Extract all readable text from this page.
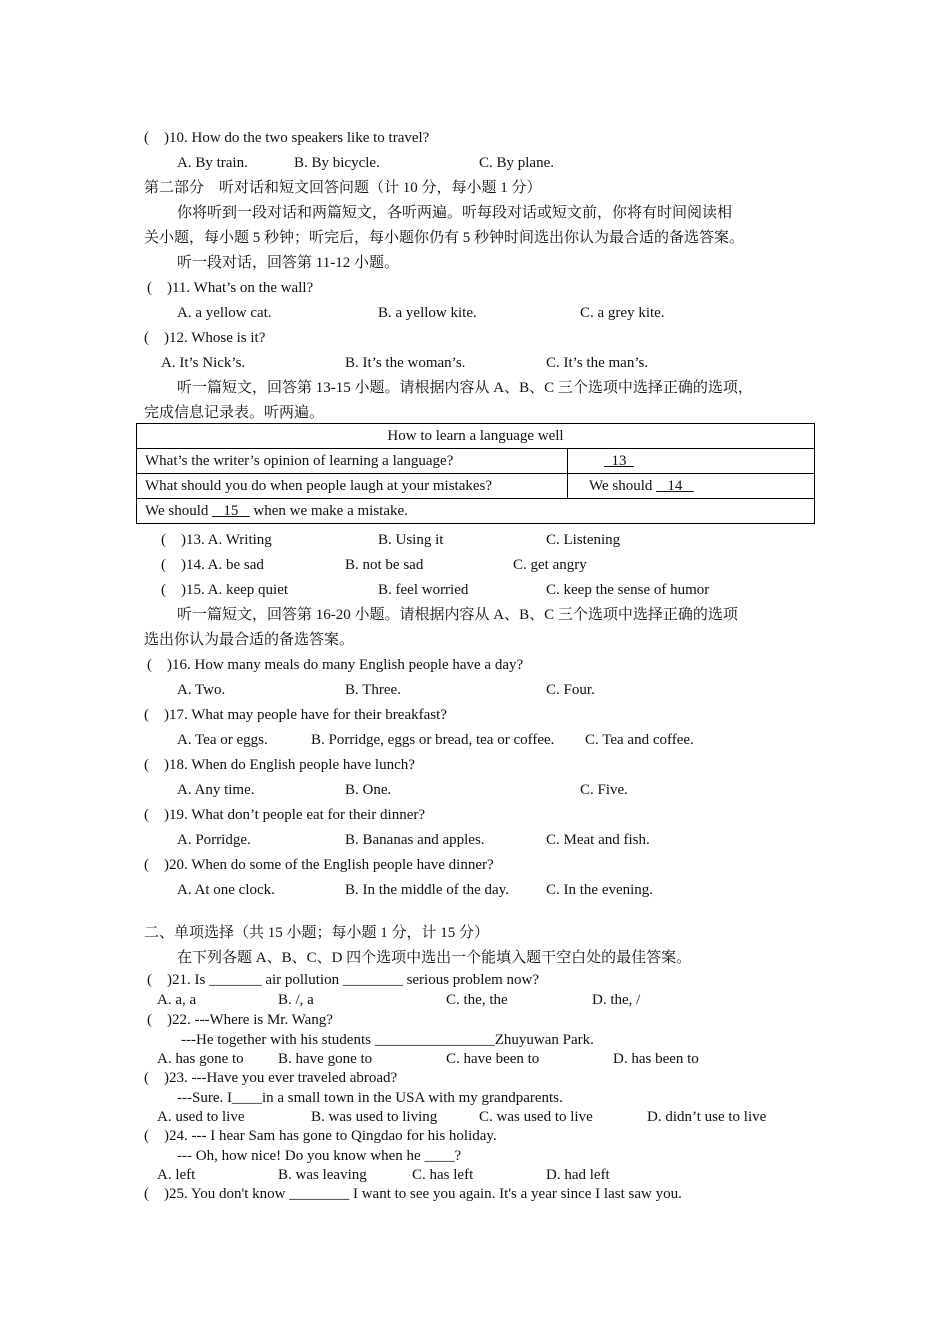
(    )10. How do the two speakers like to travel?
A. By train.	B. By bicycle.	C. By plane.
第二部分    听对话和短文回答问题（计 10 分，每小题 1 分）
你将听到一段对话和两篇短文，各听两遍。听每段对话或短文前，你将有时间阅读相
关小题，每小题 5 秒钟；听完后，每小题你仍有 5 秒钟时间选出你认为最合适的备选答案。
听一段对话，回答第 11-12 小题。
(    )11. What’s on the wall?
A. a yellow cat.	B. a yellow kite.	C. a grey kite.
(    )12. Whose is it?
A. It’s Nick’s.	B. It’s the woman’s.	C. It’s the man’s.
听一篇短文，回答第 13-15 小题。请根据内容从 A、B、C 三个选项中选择正确的选项，
完成信息记录表。听两遍。
How to learn a language well	
What’s the writer’s opinion of learning a language?	13
What should you do when people laugh at your mistakes?	We should 14
We should 15 when we make a mistake.	
(    )13. A. Writing	B. Using it	C. Listening
(    )14. A. be sad	B. not be sad	C. get angry
(    )15. A. keep quiet	B. feel worried	C. keep the sense of humor
听一篇短文，回答第 16-20 小题。请根据内容从 A、B、C 三个选项中选择正确的选项
选出你认为最合适的备选答案。
(    )16. How many meals do many English people have a day?
A. Two.	B. Three.	C. Four.
(    )17. What may people have for their breakfast?
A. Tea or eggs.	B. Porridge, eggs or bread, tea or coffee. C. Tea and coffee.
(    )18. When do English people have lunch?
A. Any time.	B. One.	C. Five.
(    )19. What don’t people eat for their dinner?
A. Porridge.	B. Bananas and apples.	C. Meat and fish.
(    )20. When do some of the English people have dinner?
A. At one clock.	B. In the middle of the day. C. In the evening.
二、单项选择（共 15 小题；每小题 1 分，计 15 分）
在下列各题 A、B、C、D 四个选项中选出一个能填入题干空白处的最佳答案。
(    )21. Is _______ air pollution ________ serious problem now?
A. a, a	B. /, a	C. the, the	D. the, /
(    )22. ---Where is Mr. Wang?
---He together with his students ________________Zhuyuwan Park.
A. has gone to B. have gone to	C. have been to	D. has been to
(    )23. ---Have you ever traveled abroad?
---Sure. I____in a small town in the USA with my grandparents.
A. used to live	B. was used to living	C. was used to live	D. didn’t use to live
(    )24. --- I hear Sam has gone to Qingdao for his holiday.
--- Oh, how nice! Do you know when he ____?
A. left	B. was leaving	C. has left	D. had left
(    )25. You don't know ________ I want to see you again. It's a year since I last saw you.
